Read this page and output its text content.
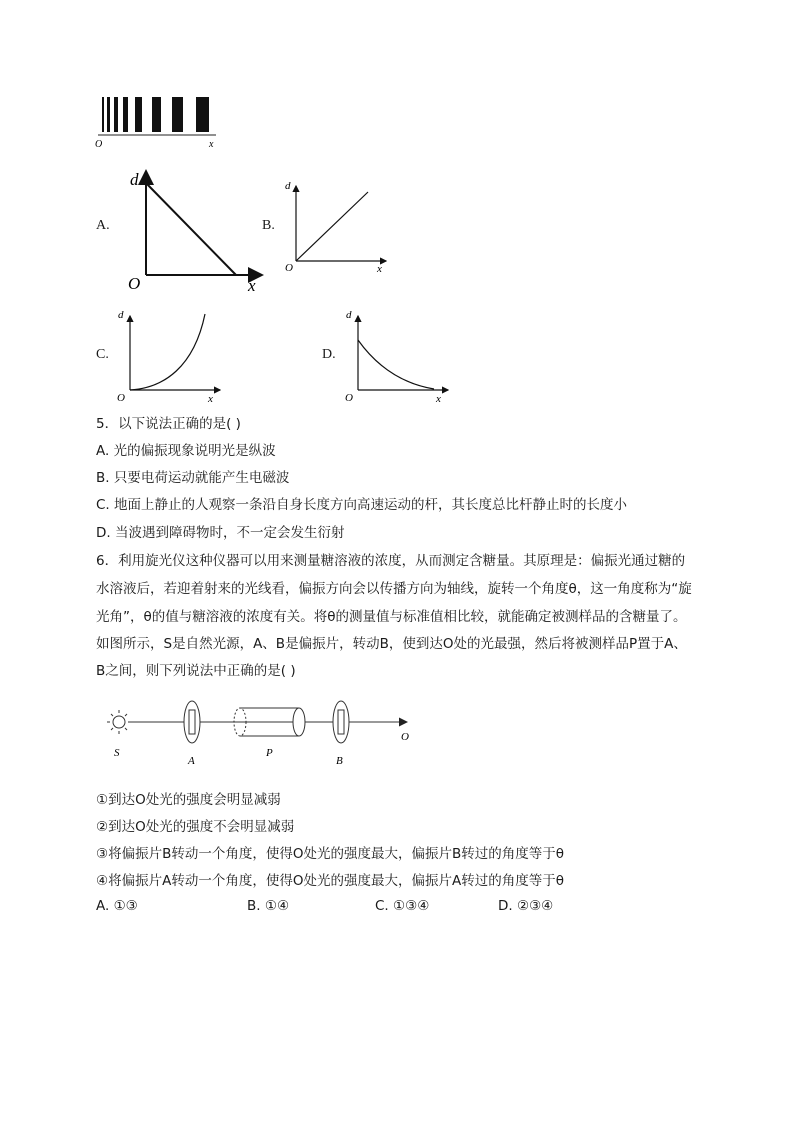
O	x
A.
d
O	x
B.
d
O	x
C.
d
O	x
D.
d
O	x
5．以下说法正确的是( )
A. 光的偏振现象说明光是纵波
B. 只要电荷运动就能产生电磁波
C. 地面上静止的人观察一条沿自身长度方向高速运动的杆，其长度总比杆静止时的长度小
D. 当波遇到障碍物时，不一定会发生衍射
6．利用旋光仪这种仪器可以用来测量糖溶液的浓度，从而测定含糖量。其原理是：偏振光通过糖的
水溶液后，若迎着射来的光线看，偏振方向会以传播方向为轴线，旋转一个角度θ，这一角度称为“旋
光角”，θ的值与糖溶液的浓度有关。将θ的测量值与标准值相比较，就能确定被测样品的含糖量了。
如图所示，S是自然光源，A、B是偏振片，转动B，使到达O处的光最强，然后将被测样品P置于A、
B之间，则下列说法中正确的是( )
S
A
P
B
O
①到达O处光的强度会明显减弱
②到达O处光的强度不会明显减弱
③将偏振片B转动一个角度，使得O处光的强度最大，偏振片B转过的角度等于θ
④将偏振片A转动一个角度，使得O处光的强度最大，偏振片A转过的角度等于θ
A. ①③	B. ①④	C. ①③④	D. ②③④
